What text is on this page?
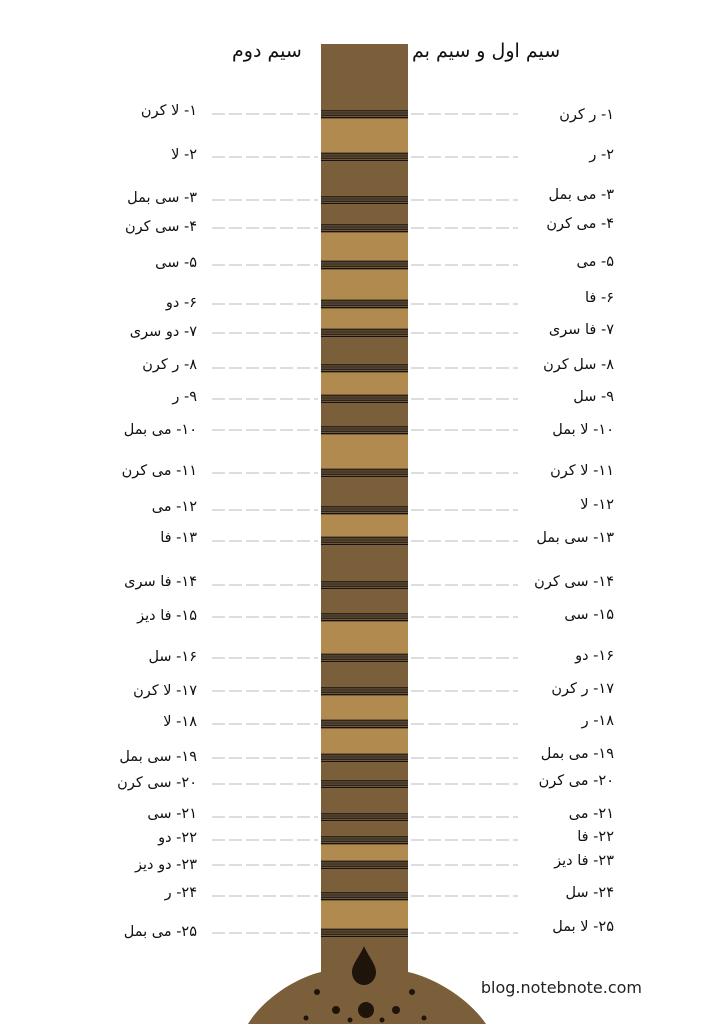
سیم دوم	سیم اول و سیم بم
۱- لا کرن	۱- ر کرن
۲- لا	۲- ر
۳- سی بمل	۳- می بمل
۴- سی کرن	۴- می کرن
۵- سی	۵- می
۶- دو	۶- فا
۷- دو سری	۷- فا سری
۸- ر کرن	۸- سل کرن
۹- ر	۹- سل
۱۰- می بمل	۱۰- لا بمل
۱۱- می کرن	۱۱- لا کرن
۱۲- می	۱۲- لا
۱۳- فا	۱۳- سی بمل
۱۴- فا سری	۱۴- سی کرن
۱۵- فا دیز	۱۵- سی
۱۶- سل	۱۶- دو
۱۷- لا کرن	۱۷- ر کرن
۱۸- لا	۱۸- ر
۱۹- سی بمل	۱۹- می بمل
۲۰- سی کرن	۲۰- می کرن
۲۱- سی	۲۱- می
۲۲- دو	۲۲- فا
۲۳- دو دیز	۲۳- فا دیز
۲۴- ر	۲۴- سل
۲۵- می بمل	۲۵- لا بمل
blog.notebnote.com
